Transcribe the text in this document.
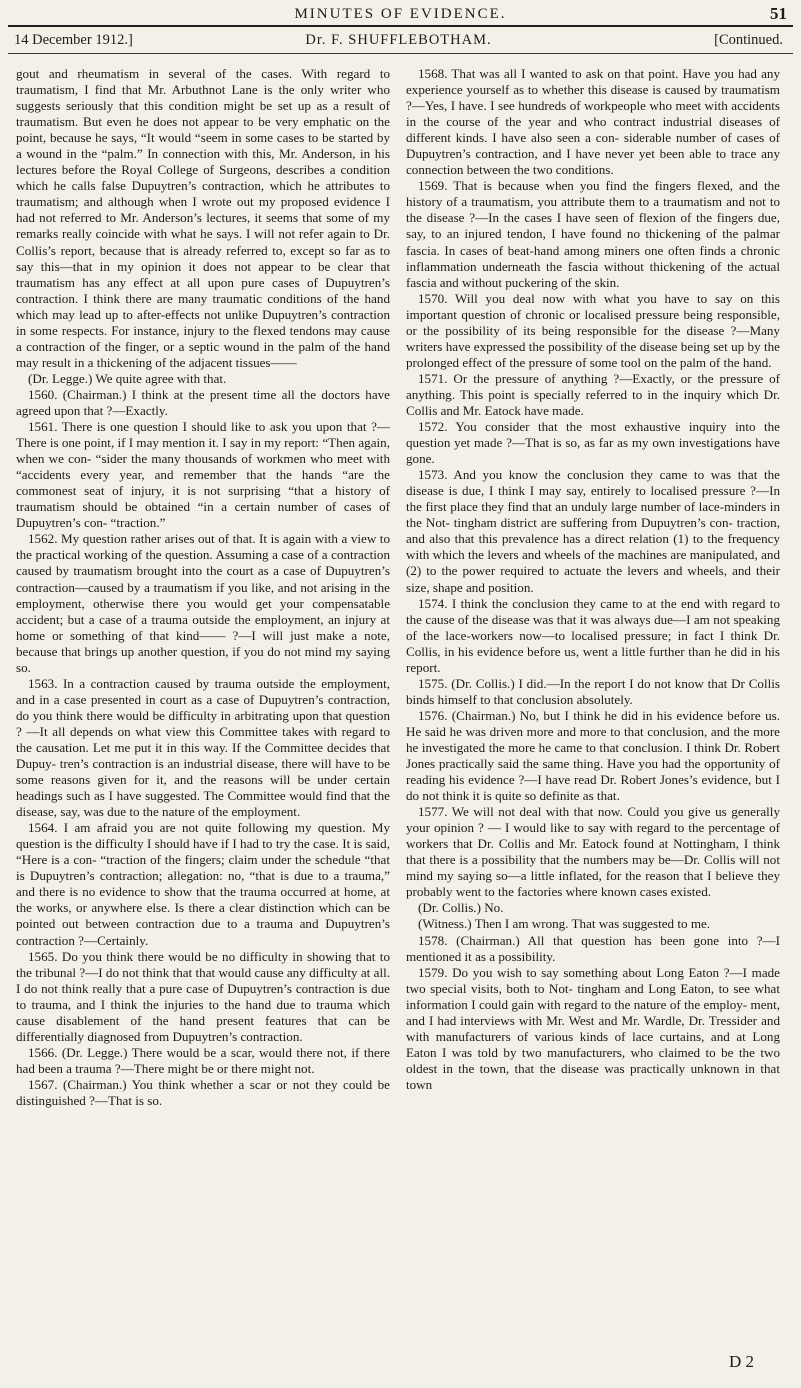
MINUTES OF EVIDENCE.	51
14 December 1912.]	Dr. F. SHUFFLEBOTHAM.	[Continued.

gout and rheumatism in several of the cases. With regard to traumatism, I find that Mr. Arbuthnot Lane is the only writer who suggests seriously that this condition might be set up as a result of traumatism. But even he does not appear to be very emphatic on the point, because he says, “It would “seem in some cases to be started by a wound in the “palm.” In connection with this, Mr. Anderson, in his lectures before the Royal College of Surgeons, describes a condition which he calls false Dupuytren’s contraction, which he attributes to traumatism; and although when I wrote out my proposed evidence I had not referred to Mr. Anderson’s lectures, it seems that some of my remarks really coincide with what he says. I will not refer again to Dr. Collis’s report, because that is already referred to, except so far as to say this—that in my opinion it does not appear to be clear that traumatism has any effect at all upon pure cases of Dupuytren’s contraction. I think there are many traumatic conditions of the hand which may lead up to after-effects not unlike Dupuytren’s contraction in some respects. For instance, injury to the flexed tendons may cause a contraction of the finger, or a septic wound in the palm of the hand may result in a thickening of the adjacent tissues——

(Dr. Legge.) We quite agree with that.

1560. (Chairman.) I think at the present time all the doctors have agreed upon that ?—Exactly.

1561. There is one question I should like to ask you upon that ?—There is one point, if I may mention it. I say in my report: “Then again, when we con- “sider the many thousands of workmen who meet with “accidents every year, and remember that the hands “are the commonest seat of injury, it is not surprising “that a history of traumatism should be obtained “in a certain number of cases of Dupuytren’s con- “traction.”

1562. My question rather arises out of that. It is again with a view to the practical working of the question. Assuming a case of a contraction caused by traumatism brought into the court as a case of Dupuytren’s contraction—caused by a traumatism if you like, and not arising in the employment, otherwise there you would get your compensatable accident; but a case of a trauma outside the employment, an injury at home or something of that kind—— ?—I will just make a note, because that brings up another question, if you do not mind my saying so.

1563. In a contraction caused by trauma outside the employment, and in a case presented in court as a case of Dupuytren’s contraction, do you think there would be difficulty in arbitrating upon that question ? —It all depends on what view this Committee takes with regard to the causation. Let me put it in this way. If the Committee decides that Dupuy- tren’s contraction is an industrial disease, there will have to be some reasons given for it, and the reasons will be under certain headings such as I have suggested. The Committee would find that the disease, say, was due to the nature of the employment.

1564. I am afraid you are not quite following my question. My question is the difficulty I should have if I had to try the case. It is said, “Here is a con- “traction of the fingers; claim under the schedule “that is Dupuytren’s contraction; allegation: no, “that is due to a trauma,” and there is no evidence to show that the trauma occurred at home, at the works, or anywhere else. Is there a clear distinction which can be pointed out between contraction due to a trauma and Dupuytren’s contraction ?—Certainly.

1565. Do you think there would be no difficulty in showing that to the tribunal ?—I do not think that that would cause any difficulty at all. I do not think really that a pure case of Dupuytren’s contraction is due to trauma, and I think the injuries to the hand due to trauma which cause disablement of the hand present features that can be differentially diagnosed from Dupuytren’s contraction.

1566. (Dr. Legge.) There would be a scar, would there not, if there had been a trauma ?—There might be or there might not.

1567. (Chairman.) You think whether a scar or not they could be distinguished ?—That is so.

1568. That was all I wanted to ask on that point. Have you had any experience yourself as to whether this disease is caused by traumatism ?—Yes, I have. I see hundreds of workpeople who meet with accidents in the course of the year and who contract industrial diseases of different kinds. I have also seen a con- siderable number of cases of Dupuytren’s contraction, and I have never yet been able to trace any connection between the two conditions.

1569. That is because when you find the fingers flexed, and the history of a traumatism, you attribute them to a traumatism and not to the disease ?—In the cases I have seen of flexion of the fingers due, say, to an injured tendon, I have found no thickening of the palmar fascia. In cases of beat-hand among miners one often finds a chronic inflammation underneath the fascia without thickening of the actual fascia and without puckering of the skin.

1570. Will you deal now with what you have to say on this important question of chronic or localised pressure being responsible, or the possibility of its being responsible for the disease ?—Many writers have expressed the possibility of the disease being set up by the prolonged effect of the pressure of some tool on the palm of the hand.

1571. Or the pressure of anything ?—Exactly, or the pressure of anything. This point is specially referred to in the inquiry which Dr. Collis and Mr. Eatock have made.

1572. You consider that the most exhaustive inquiry into the question yet made ?—That is so, as far as my own investigations have gone.

1573. And you know the conclusion they came to was that the disease is due, I think I may say, entirely to localised pressure ?—In the first place they find that an unduly large number of lace-minders in the Not- tingham district are suffering from Dupuytren’s con- traction, and also that this prevalence has a direct relation (1) to the frequency with which the levers and wheels of the machines are manipulated, and (2) to the power required to actuate the levers and wheels, and their size, shape and position.

1574. I think the conclusion they came to at the end with regard to the cause of the disease was that it was always due—I am not speaking of the lace-workers now—to localised pressure; in fact I think Dr. Collis, in his evidence before us, went a little further than he did in his report.

1575. (Dr. Collis.) I did.—In the report I do not know that Dr Collis binds himself to that conclusion absolutely.

1576. (Chairman.) No, but I think he did in his evidence before us. He said he was driven more and more to that conclusion, and the more he investigated the more he came to that conclusion. I think Dr. Robert Jones practically said the same thing. Have you had the opportunity of reading his evidence ?—I have read Dr. Robert Jones’s evidence, but I do not think it is quite so definite as that.

1577. We will not deal with that now. Could you give us generally your opinion ? — I would like to say with regard to the percentage of workers that Dr. Collis and Mr. Eatock found at Nottingham, I think that there is a possibility that the numbers may be—Dr. Collis will not mind my saying so—a little inflated, for the reason that I believe they probably went to the factories where known cases existed.

(Dr. Collis.) No.

(Witness.) Then I am wrong. That was suggested to me.

1578. (Chairman.) All that question has been gone into ?—I mentioned it as a possibility.

1579. Do you wish to say something about Long Eaton ?—I made two special visits, both to Not- tingham and Long Eaton, to see what information I could gain with regard to the nature of the employ- ment, and I had interviews with Mr. West and Mr. Wardle, Dr. Tressider and with manufacturers of various kinds of lace curtains, and at Long Eaton I was told by two manufacturers, who claimed to be the two oldest in the town, that the disease was practically unknown in that town

D 2
